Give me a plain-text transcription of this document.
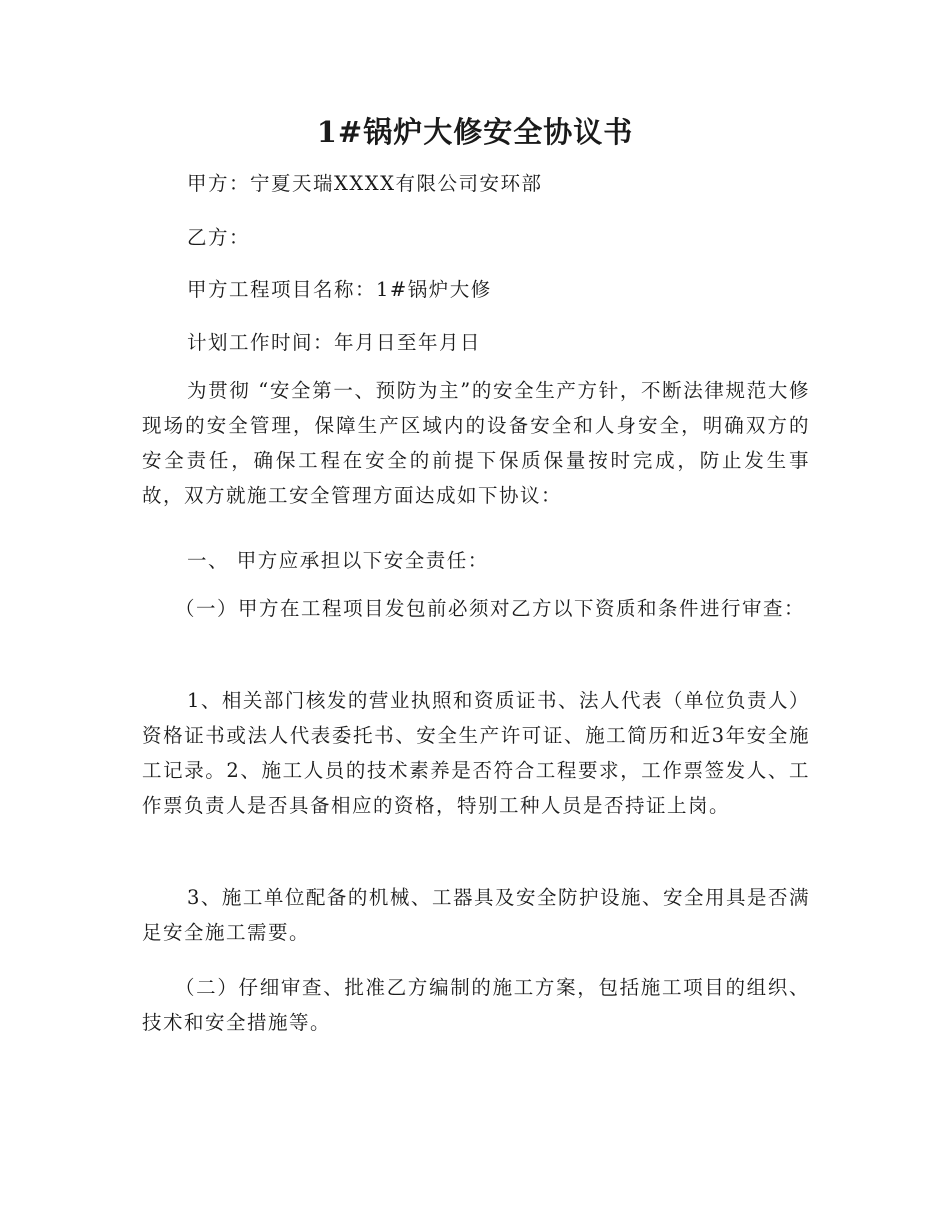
1#锅炉大修安全协议书

甲方：宁夏天瑞XXXX有限公司安环部

乙方：

甲方工程项目名称：1#锅炉大修

计划工作时间：年月日至年月日

为贯彻 “安全第一、预防为主”的安全生产方针，不断法律规范大修现场的安全管理，保障生产区域内的设备安全和人身安全，明确双方的安全责任，确保工程在安全的前提下保质保量按时完成，防止发生事故，双方就施工安全管理方面达成如下协议：

一、 甲方应承担以下安全责任：

（一）甲方在工程项目发包前必须对乙方以下资质和条件进行审查：

1、相关部门核发的营业执照和资质证书、法人代表（单位负责人）资格证书或法人代表委托书、安全生产许可证、施工简历和近3年安全施工记录。2、施工人员的技术素养是否符合工程要求，工作票签发人、工作票负责人是否具备相应的资格，特别工种人员是否持证上岗。

3、施工单位配备的机械、工器具及安全防护设施、安全用具是否满足安全施工需要。

（二）仔细审查、批准乙方编制的施工方案，包括施工项目的组织、技术和安全措施等。
